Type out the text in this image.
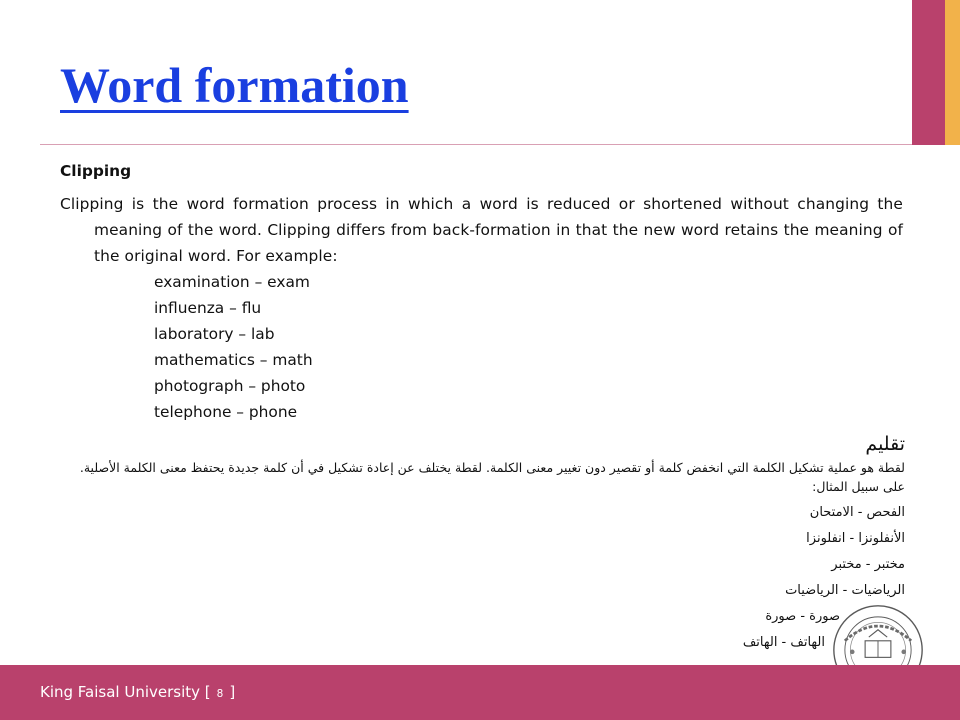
Word formation

Clipping

Clipping is the word formation process in which a word is reduced or shortened without changing the meaning of the word. Clipping differs from back-formation in that the new word retains the meaning of the original word. For example:

examination – exam
influenza – flu
laboratory – lab
mathematics – math
photograph – photo
telephone – phone

تقليم

لقطة هو عملية تشكيل الكلمة التي انخفض كلمة أو تقصير دون تغيير معنى الكلمة. لقطة يختلف عن إعادة تشكيل في أن كلمة جديدة يحتفظ معنى الكلمة الأصلية. على سبيل المثال:

الفحص - الامتحان
الأنفلونزا - انفلونزا
مختبر - مختبر
الرياضيات - الرياضيات
صورة - صورة
الهاتف - الهاتف
King Faisal University [ 8 ]
